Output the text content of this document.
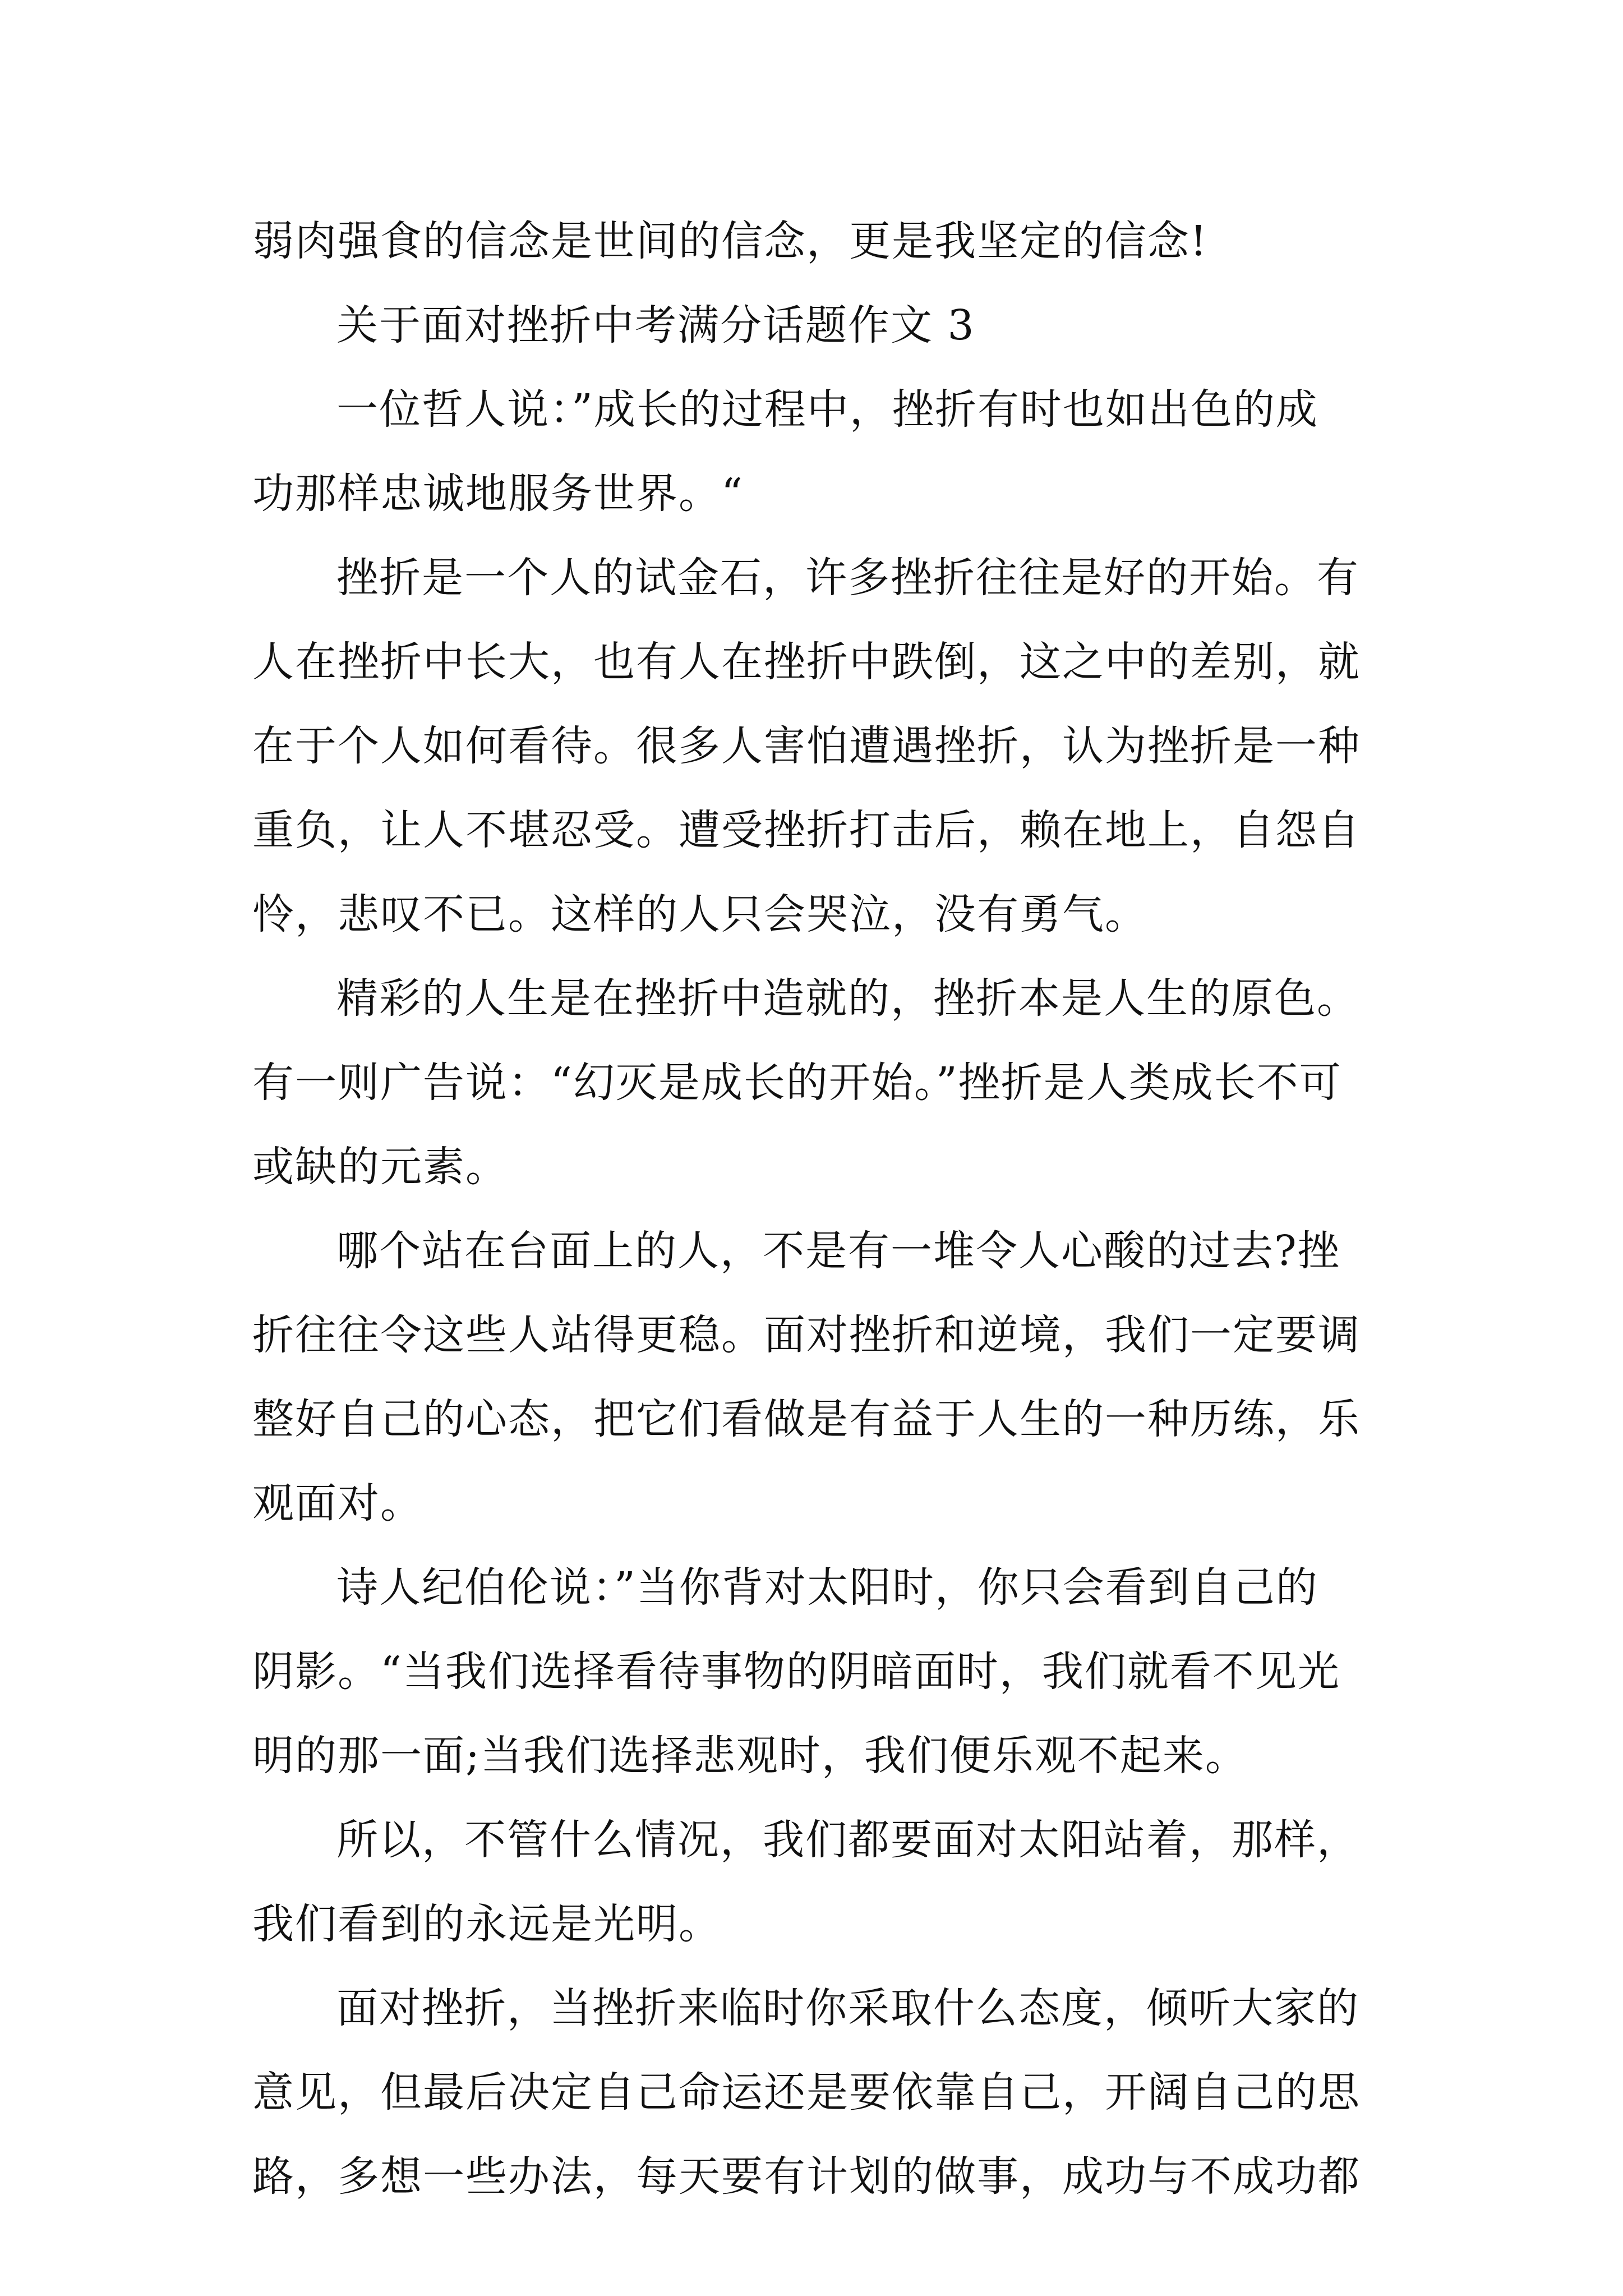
弱肉强食的信念是世间的信念，更是我坚定的信念!
关于面对挫折中考满分话题作文 3
一位哲人说：”成长的过程中，挫折有时也如出色的成
功那样忠诚地服务世界。“
挫折是一个人的试金石，许多挫折往往是好的开始。有
人在挫折中长大，也有人在挫折中跌倒，这之中的差别，就
在于个人如何看待。很多人害怕遭遇挫折，认为挫折是一种
重负，让人不堪忍受。遭受挫折打击后，赖在地上，自怨自
怜，悲叹不已。这样的人只会哭泣，没有勇气。
精彩的人生是在挫折中造就的，挫折本是人生的原色。
有一则广告说：“幻灭是成长的开始。”挫折是人类成长不可
或缺的元素。
哪个站在台面上的人，不是有一堆令人心酸的过去?挫
折往往令这些人站得更稳。面对挫折和逆境，我们一定要调
整好自己的心态，把它们看做是有益于人生的一种历练，乐
观面对。
诗人纪伯伦说：”当你背对太阳时，你只会看到自己的
阴影。“当我们选择看待事物的阴暗面时，我们就看不见光
明的那一面;当我们选择悲观时，我们便乐观不起来。
所以，不管什么情况，我们都要面对太阳站着，那样，
我们看到的永远是光明。
面对挫折，当挫折来临时你采取什么态度，倾听大家的
意见，但最后决定自己命运还是要依靠自己，开阔自己的思
路，多想一些办法，每天要有计划的做事，成功与不成功都
